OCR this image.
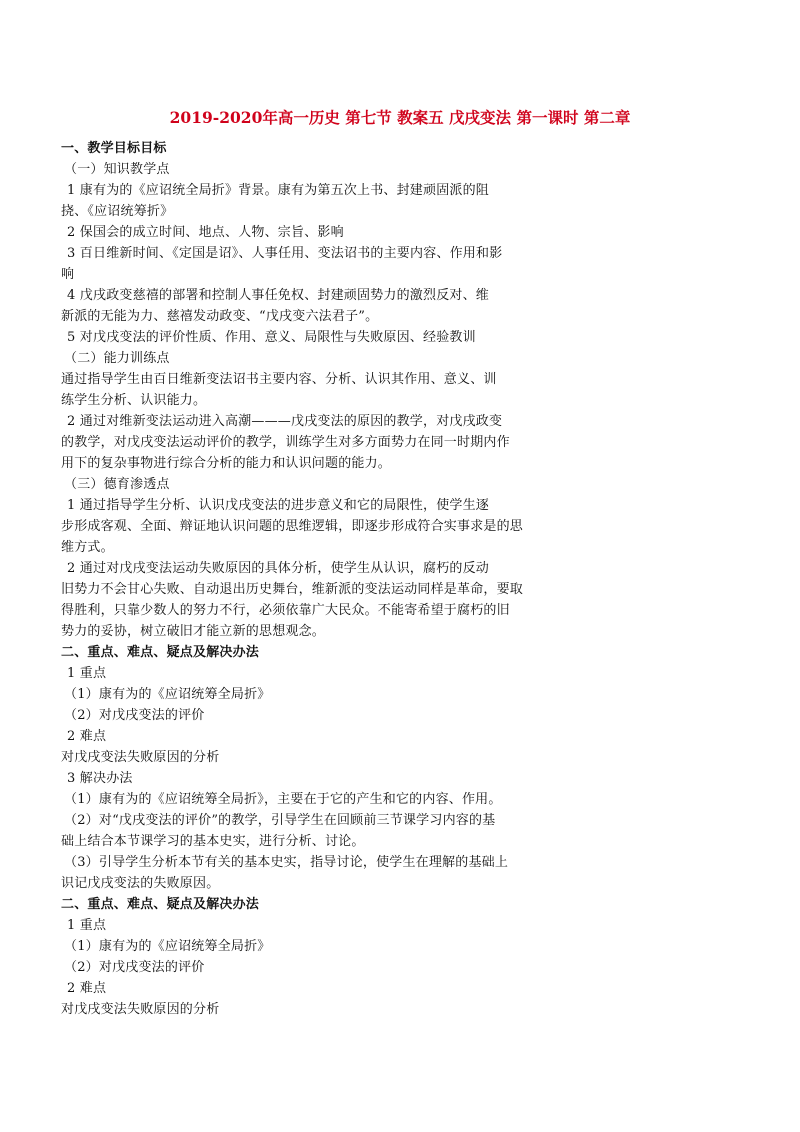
2019-2020年高一历史 第七节 教案五 戊戌变法 第一课时 第二章
一、教学目标目标
（一）知识教学点
1 康有为的《应诏统全局折》背景。康有为第五次上书、封建顽固派的阻
挠、《应诏统筹折》
2 保国会的成立时间、地点、人物、宗旨、影响
3 百日维新时间、《定国是诏》、人事任用、变法诏书的主要内容、作用和影
响
4 戊戌政变慈禧的部署和控制人事任免权、封建顽固势力的激烈反对、维
新派的无能为力、慈禧发动政变、“戊戌变六法君子”。
5 对戊戌变法的评价性质、作用、意义、局限性与失败原因、经验教训
（二）能力训练点
通过指导学生由百日维新变法诏书主要内容、分析、认识其作用、意义、训
练学生分析、认识能力。
2 通过对维新变法运动进入高潮———戊戌变法的原因的教学，对戊戌政变
的教学，对戊戌变法运动评价的教学，训练学生对多方面势力在同一时期内作
用下的复杂事物进行综合分析的能力和认识问题的能力。
（三）德育渗透点
1 通过指导学生分析、认识戊戌变法的进步意义和它的局限性，使学生逐
步形成客观、全面、辩证地认识问题的思维逻辑，即逐步形成符合实事求是的思
维方式。
2 通过对戊戌变法运动失败原因的具体分析，使学生从认识，腐朽的反动
旧势力不会甘心失败、自动退出历史舞台，维新派的变法运动同样是革命，要取
得胜利，只靠少数人的努力不行，必须依靠广大民众。不能寄希望于腐朽的旧
势力的妥协，树立破旧才能立新的思想观念。
二、重点、难点、疑点及解决办法
1 重点
（1）康有为的《应诏统筹全局折》
（2）对戊戌变法的评价
2 难点
对戊戌变法失败原因的分析
3 解决办法
（1）康有为的《应诏统筹全局折》，主要在于它的产生和它的内容、作用。
（2）对“戊戌变法的评价”的教学，引导学生在回顾前三节课学习内容的基
础上结合本节课学习的基本史实，进行分析、讨论。
（3）引导学生分析本节有关的基本史实，指导讨论，使学生在理解的基础上
识记戊戌变法的失败原因。
二、重点、难点、疑点及解决办法
1 重点
（1）康有为的《应诏统筹全局折》
（2）对戊戌变法的评价
2 难点
对戊戌变法失败原因的分析
